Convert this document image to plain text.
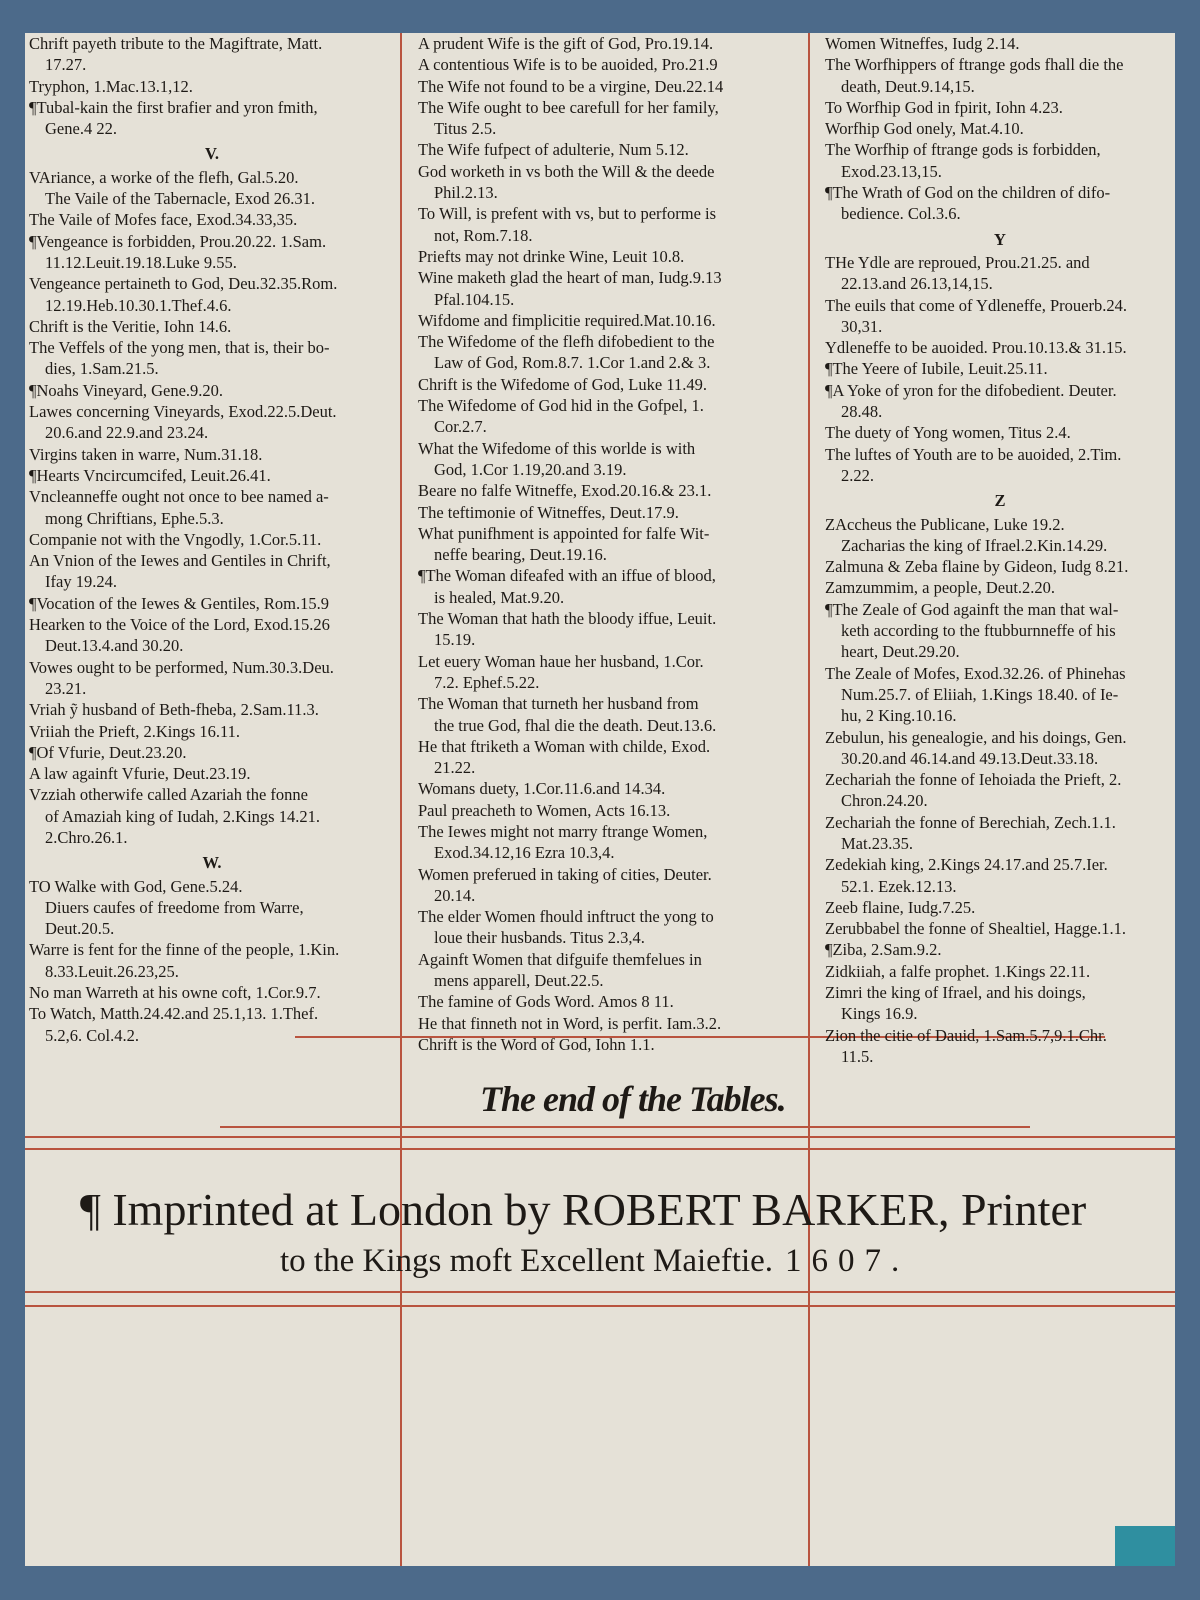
Chrift payeth tribute to the Magiftrate, Matt.
17.27.
Tryphon, 1.Mac.13.1,12.
¶Tubal-kain the first brafier and yron fmith,
Gene.4 22.
V.
VAriance, a worke of the flefh, Gal.5.20.
The Vaile of the Tabernacle, Exod 26.31.
The Vaile of Mofes face, Exod.34.33,35.
¶Vengeance is forbidden, Prou.20.22. 1.Sam.
11.12.Leuit.19.18.Luke 9.55.
Vengeance pertaineth to God, Deu.32.35.Rom.
12.19.Heb.10.30.1.Thef.4.6.
Chrift is the Veritie, Iohn 14.6.
The Veffels of the yong men, that is, their bo-
dies, 1.Sam.21.5.
¶Noahs Vineyard, Gene.9.20.
Lawes concerning Vineyards, Exod.22.5.Deut.
20.6.and 22.9.and 23.24.
Virgins taken in warre, Num.31.18.
¶Hearts Vncircumcifed, Leuit.26.41.
Vncleanneffe ought not once to bee named a-
mong Chriftians, Ephe.5.3.
Companie not with the Vngodly, 1.Cor.5.11.
An Vnion of the Iewes and Gentiles in Chrift,
Ifay 19.24.
¶Vocation of the Iewes & Gentiles, Rom.15.9
Hearken to the Voice of the Lord, Exod.15.26
Deut.13.4.and 30.20.
Vowes ought to be performed, Num.30.3.Deu.
23.21.
Vriah ỹ husband of Beth-fheba, 2.Sam.11.3.
Vriiah the Prieft, 2.Kings 16.11.
¶Of Vfurie, Deut.23.20.
A law againft Vfurie, Deut.23.19.
Vzziah otherwife called Azariah the fonne
of Amaziah king of Iudah, 2.Kings 14.21.
2.Chro.26.1.
W.
TO Walke with God, Gene.5.24.
Diuers caufes of freedome from Warre,
Deut.20.5.
Warre is fent for the finne of the people, 1.Kin.
8.33.Leuit.26.23,25.
No man Warreth at his owne coft, 1.Cor.9.7.
To Watch, Matth.24.42.and 25.1,13. 1.Thef.
5.2,6. Col.4.2.
A prudent Wife is the gift of God, Pro.19.14.
A contentious Wife is to be auoided, Pro.21.9
The Wife not found to be a virgine, Deu.22.14
The Wife ought to bee carefull for her family,
Titus 2.5.
The Wife fufpect of adulterie, Num 5.12.
God worketh in vs both the Will & the deede
Phil.2.13.
To Will, is prefent with vs, but to performe is
not, Rom.7.18.
Priefts may not drinke Wine, Leuit 10.8.
Wine maketh glad the heart of man, Iudg.9.13
Pfal.104.15.
Wifdome and fimplicitie required.Mat.10.16.
The Wifedome of the flefh difobedient to the
Law of God, Rom.8.7. 1.Cor 1.and 2.& 3.
Chrift is the Wifedome of God, Luke 11.49.
The Wifedome of God hid in the Gofpel, 1.
Cor.2.7.
What the Wifedome of this worlde is with
God, 1.Cor 1.19,20.and 3.19.
Beare no falfe Witneffe, Exod.20.16.& 23.1.
The teftimonie of Witneffes, Deut.17.9.
What punifhment is appointed for falfe Wit-
neffe bearing, Deut.19.16.
¶The Woman difeafed with an iffue of blood,
is healed, Mat.9.20.
The Woman that hath the bloody iffue, Leuit.
15.19.
Let euery Woman haue her husband, 1.Cor.
7.2. Ephef.5.22.
The Woman that turneth her husband from
the true God, fhal die the death. Deut.13.6.
He that ftriketh a Woman with childe, Exod.
21.22.
Womans duety, 1.Cor.11.6.and 14.34.
Paul preacheth to Women, Acts 16.13.
The Iewes might not marry ftrange Women,
Exod.34.12,16 Ezra 10.3,4.
Women preferued in taking of cities, Deuter.
20.14.
The elder Women fhould inftruct the yong to
loue their husbands. Titus 2.3,4.
Againft Women that difguife themfelues in
mens apparell, Deut.22.5.
The famine of Gods Word. Amos 8 11.
He that finneth not in Word, is perfit. Iam.3.2.
Chrift is the Word of God, Iohn 1.1.
Women Witneffes, Iudg 2.14.
The Worfhippers of ftrange gods fhall die the
death, Deut.9.14,15.
To Worfhip God in fpirit, Iohn 4.23.
Worfhip God onely, Mat.4.10.
The Worfhip of ftrange gods is forbidden,
Exod.23.13,15.
¶The Wrath of God on the children of difo-
bedience. Col.3.6.
Y
THe Ydle are reproued, Prou.21.25. and
22.13.and 26.13,14,15.
The euils that come of Ydleneffe, Prouerb.24.
30,31.
Ydleneffe to be auoided. Prou.10.13.& 31.15.
¶The Yeere of Iubile, Leuit.25.11.
¶A Yoke of yron for the difobedient. Deuter.
28.48.
The duety of Yong women, Titus 2.4.
The luftes of Youth are to be auoided, 2.Tim.
2.22.
Z
ZAccheus the Publicane, Luke 19.2.
Zacharias the king of Ifrael.2.Kin.14.29.
Zalmuna & Zeba flaine by Gideon, Iudg 8.21.
Zamzummim, a people, Deut.2.20.
¶The Zeale of God againft the man that wal-
keth according to the ftubburnneffe of his
heart, Deut.29.20.
The Zeale of Mofes, Exod.32.26. of Phinehas
Num.25.7. of Eliiah, 1.Kings 18.40. of Ie-
hu, 2 King.10.16.
Zebulun, his genealogie, and his doings, Gen.
30.20.and 46.14.and 49.13.Deut.33.18.
Zechariah the fonne of Iehoiada the Prieft, 2.
Chron.24.20.
Zechariah the fonne of Berechiah, Zech.1.1.
Mat.23.35.
Zedekiah king, 2.Kings 24.17.and 25.7.Ier.
52.1. Ezek.12.13.
Zeeb flaine, Iudg.7.25.
Zerubbabel the fonne of Shealtiel, Hagge.1.1.
¶Ziba, 2.Sam.9.2.
Zidkiiah, a falfe prophet. 1.Kings 22.11.
Zimri the king of Ifrael, and his doings,
Kings 16.9.
Zion the citie of Dauid, 1.Sam.5.7,9.1.Chr.
11.5.
The end of the Tables.
¶ Imprinted at London by ROBERT BARKER, Printer
to the Kings moft Excellent Maieftie. 1607.
